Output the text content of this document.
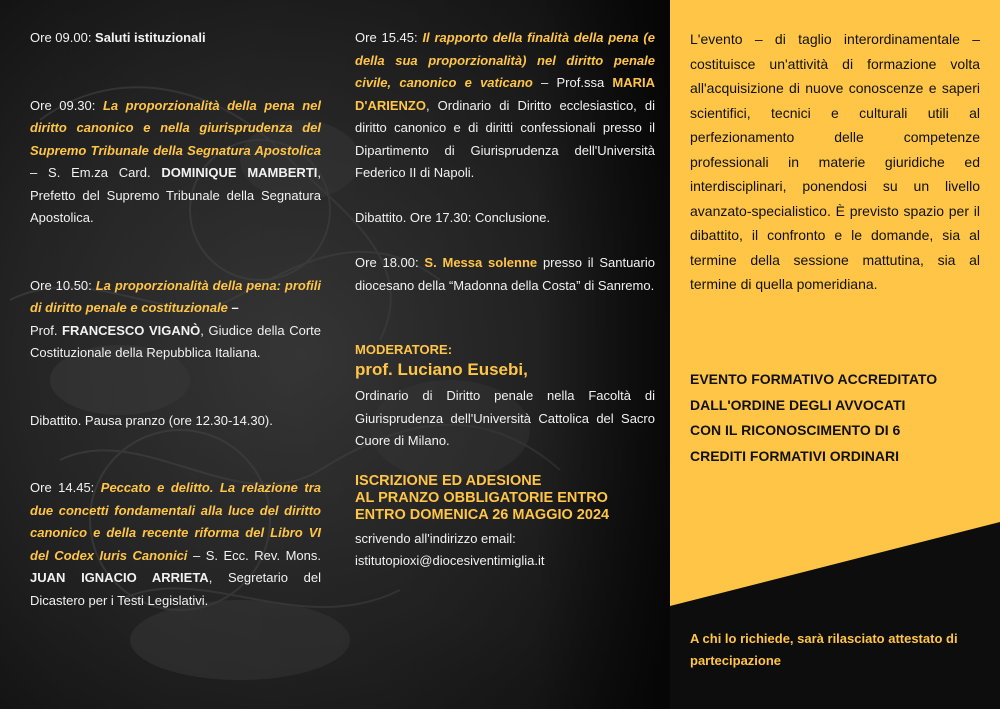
Ore 09.00: Saluti istituzionali

Ore 09.30: La proporzionalità della pena nel diritto canonico e nella giurisprudenza del Supremo Tribunale della Segnatura Apostolica – S. Em.za Card. DOMINIQUE MAMBERTI, Prefetto del Supremo Tribunale della Segnatura Apostolica.

Ore 10.50: La proporzionalità della pena: profili di diritto penale e costituzionale –
Prof. FRANCESCO VIGANÒ, Giudice della Corte Costituzionale della Repubblica Italiana.

Dibattito. Pausa pranzo (ore 12.30-14.30).

Ore 14.45: Peccato e delitto. La relazione tra due concetti fondamentali alla luce del diritto canonico e della recente riforma del Libro VI del Codex Iuris Canonici – S. Ecc. Rev. Mons. JUAN IGNACIO ARRIETA, Segretario del Dicastero per i Testi Legislativi.

Ore 15.45: Il rapporto della finalità della pena (e della sua proporzionalità) nel diritto penale civile, canonico e vaticano – Prof.ssa MARIA D'ARIENZO, Ordinario di Diritto ecclesiastico, di diritto canonico e di diritti confessionali presso il Dipartimento di Giurisprudenza dell'Università Federico II di Napoli.

Dibattito. Ore 17.30: Conclusione.

Ore 18.00: S. Messa solenne presso il Santuario diocesano della “Madonna della Costa” di Sanremo.

MODERATORE:
prof. Luciano Eusebi,

Ordinario di Diritto penale nella Facoltà di Giurisprudenza dell'Università Cattolica del Sacro Cuore di Milano.

ISCRIZIONE ED ADESIONE
AL PRANZO OBBLIGATORIE ENTRO
ENTRO DOMENICA 26 MAGGIO 2024

scrivendo all'indirizzo email:

istitutopioxi@diocesiventimiglia.it

L'evento – di taglio interordinamentale – costituisce un'attività di formazione volta all'acquisizione di nuove conoscenze e saperi scientifici, tecnici e culturali utili al perfezionamento delle competenze professionali in materie giuridiche ed interdisciplinari, ponendosi su un livello avanzato-specialistico. È previsto spazio per il dibattito, il confronto e le domande, sia al termine della sessione mattutina, sia al termine di quella pomeridiana.
EVENTO FORMATIVO ACCREDITATO
DALL'ORDINE DEGLI AVVOCATI
CON IL RICONOSCIMENTO DI 6
CREDITI FORMATIVI ORDINARI
A chi lo richiede, sarà rilasciato attestato di partecipazione
